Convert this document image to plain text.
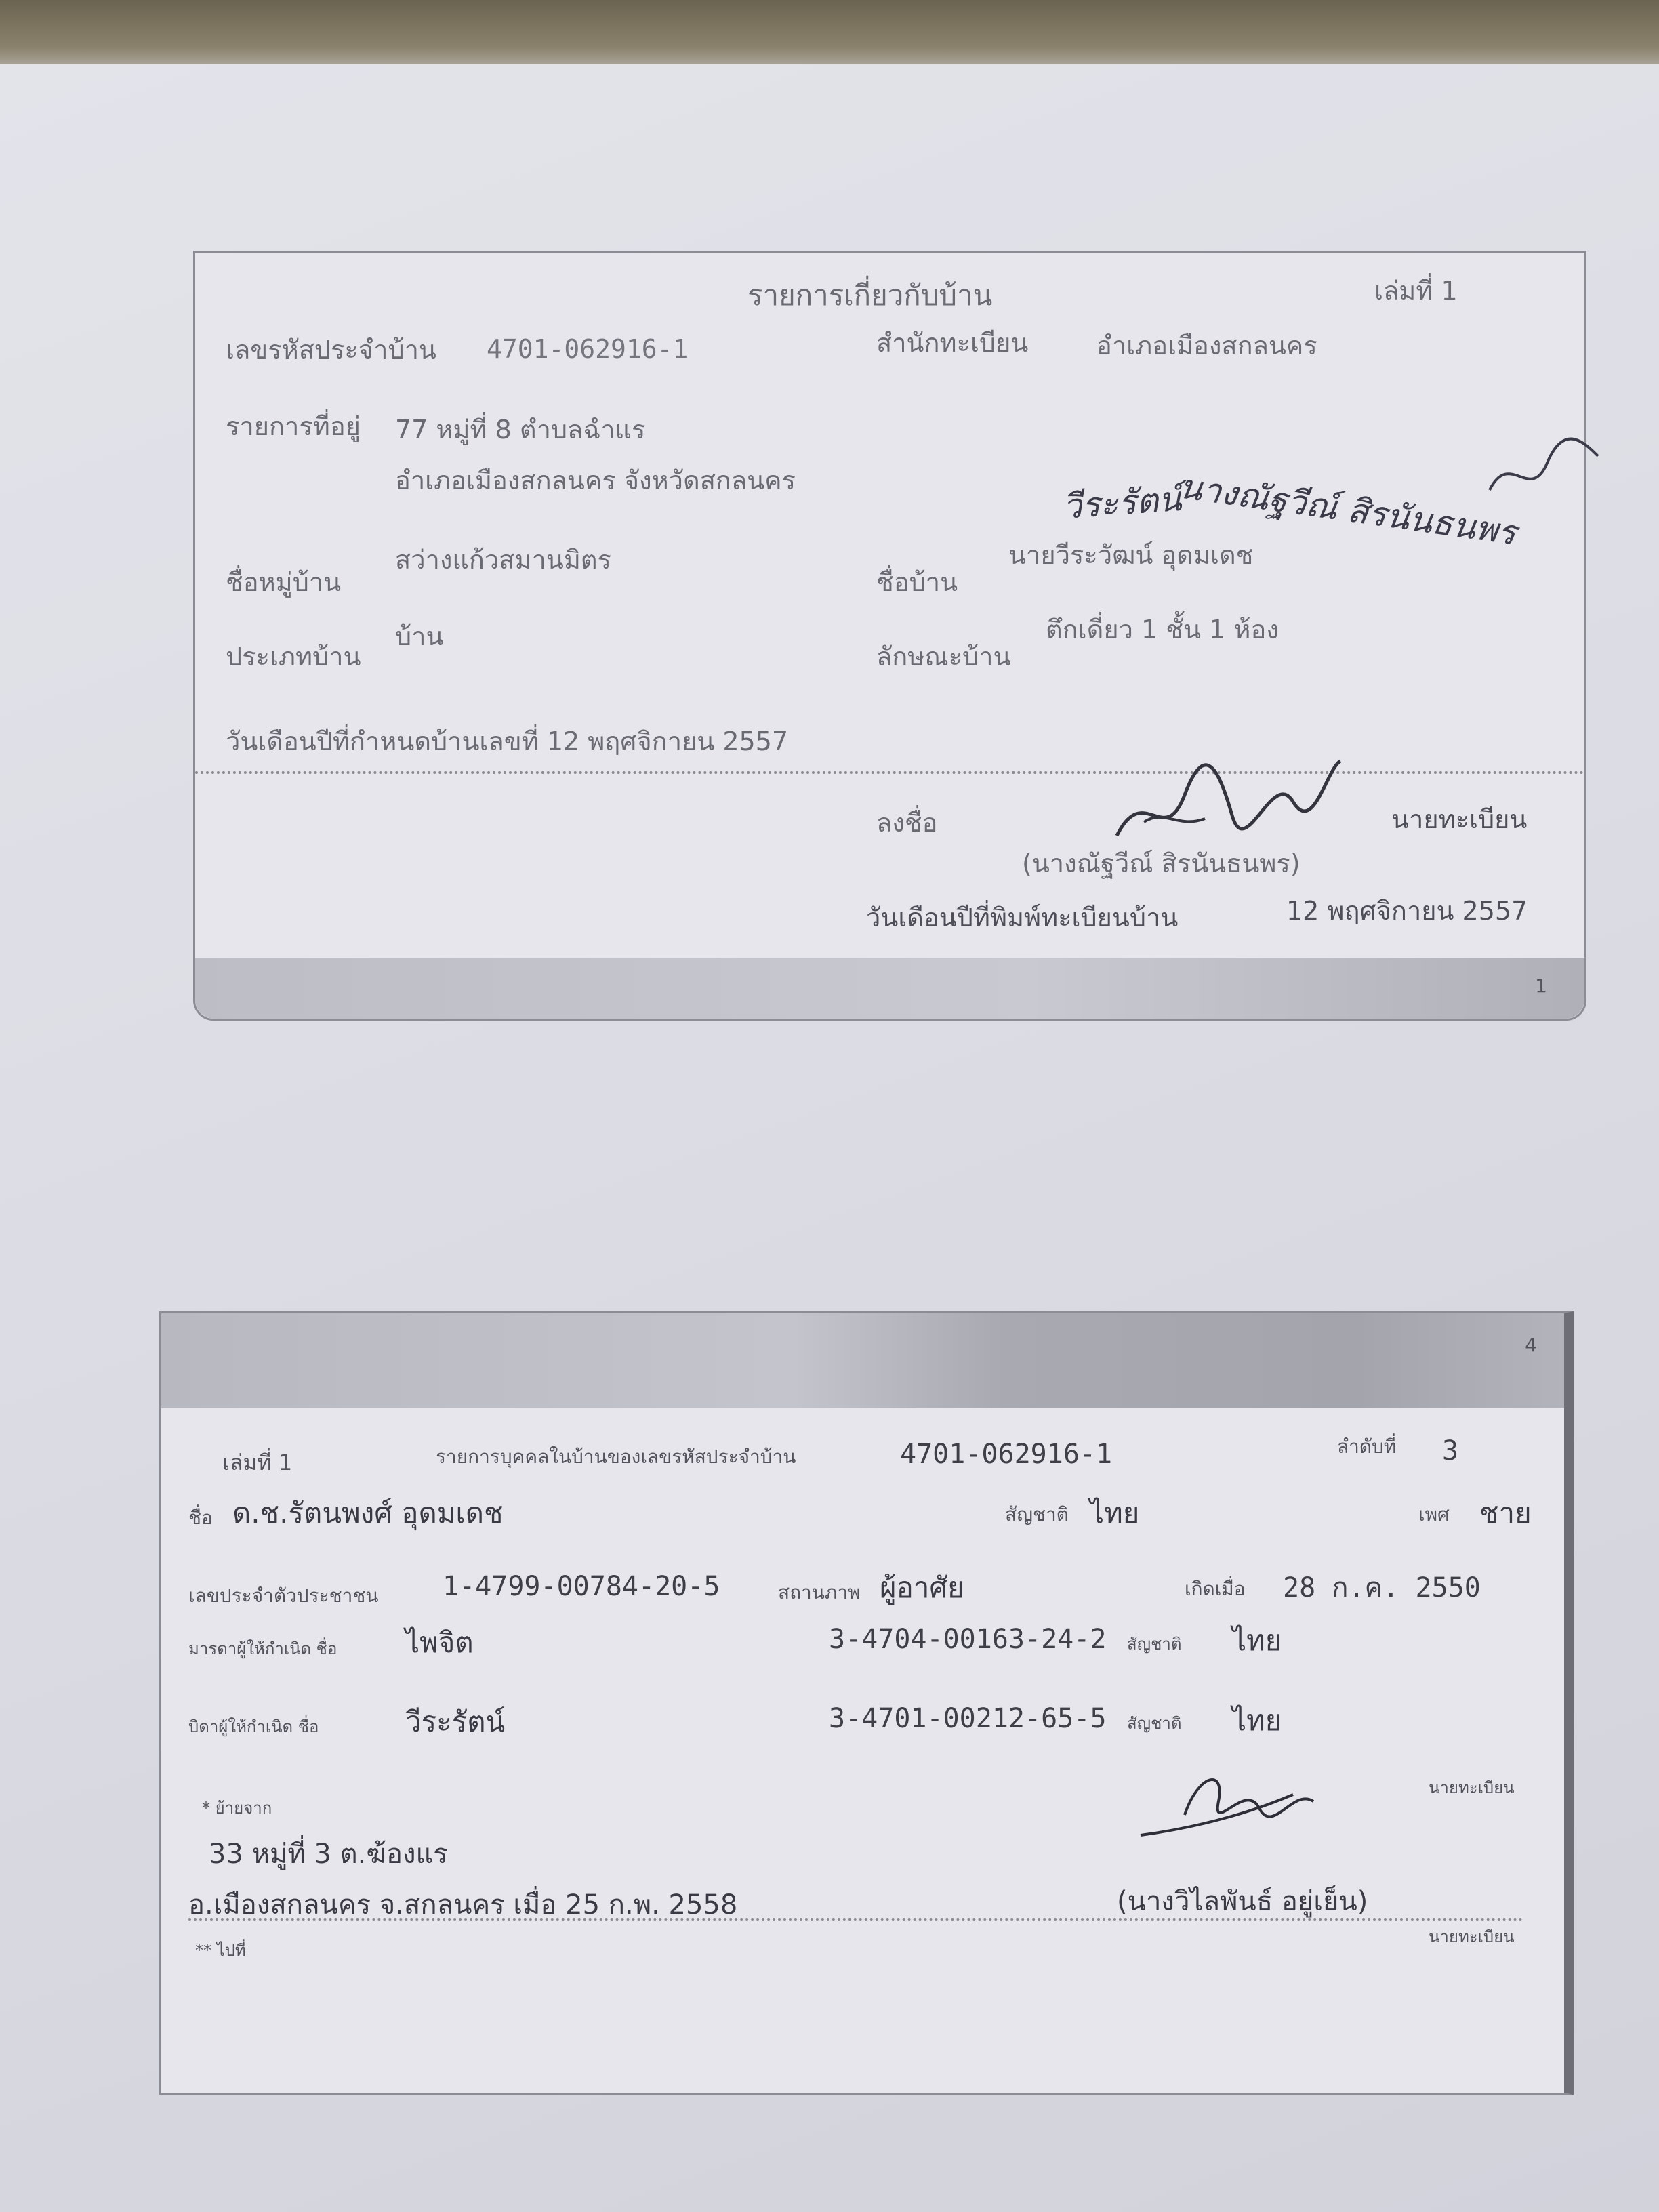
รายการเกี่ยวกับบ้าน	เล่มที่ 1
เลขรหัสประจำบ้าน 4701-062916-1	สำนักทะเบียน	อำเภอเมืองสกลนคร
รายการที่อยู่ 77 หมู่ที่ 8 ตำบลฉำแร
อำเภอเมืองสกลนคร จังหวัดสกลนคร
ชื่อหมู่บ้าน
สว่างแก้วสมานมิตร
ชื่อบ้าน
นายวีระวัฒน์ อุดมเดช
วีระรัตน์
นางณัฐวีณ์ สิรนันธนพร
ประเภทบ้าน
บ้าน
ลักษณะบ้าน
ตึกเดี่ยว 1 ชั้น 1 ห้อง
วันเดือนปีที่กำหนดบ้านเลขที่ 12 พฤศจิกายน 2557
ลงชื่อ	นายทะเบียน
(นางณัฐวีณ์ สิรนันธนพร)
วันเดือนปีที่พิมพ์ทะเบียนบ้าน	12 พฤศจิกายน 2557
1
4
เล่มที่ 1	รายการบุคคลในบ้านของเลขรหัสประจำบ้าน	4701-062916-1	ลำดับที่ 3
ชื่อ ด.ช.รัตนพงศ์ อุดมเดช	สัญชาติ ไทย	เพศ ชาย
เลขประจำตัวประชาชน 1-4799-00784-20-5	สถานภาพ ผู้อาศัย	เกิดเมื่อ 28 ก.ค. 2550
มารดาผู้ให้กำเนิด ชื่อ ไพจิต	3-4704-00163-24-2 สัญชาติ ไทย
บิดาผู้ให้กำเนิด ชื่อ	วีระรัตน์	3-4701-00212-65-5 สัญชาติ ไทย
* ย้ายจาก
33 หมู่ที่ 3 ต.ฆ้องแร
อ.เมืองสกลนคร จ.สกลนคร เมื่อ 25 ก.พ. 2558	(นางวิไลพันธ์ อยู่เย็น)
นายทะเบียน
นายทะเบียน
** ไปที่
